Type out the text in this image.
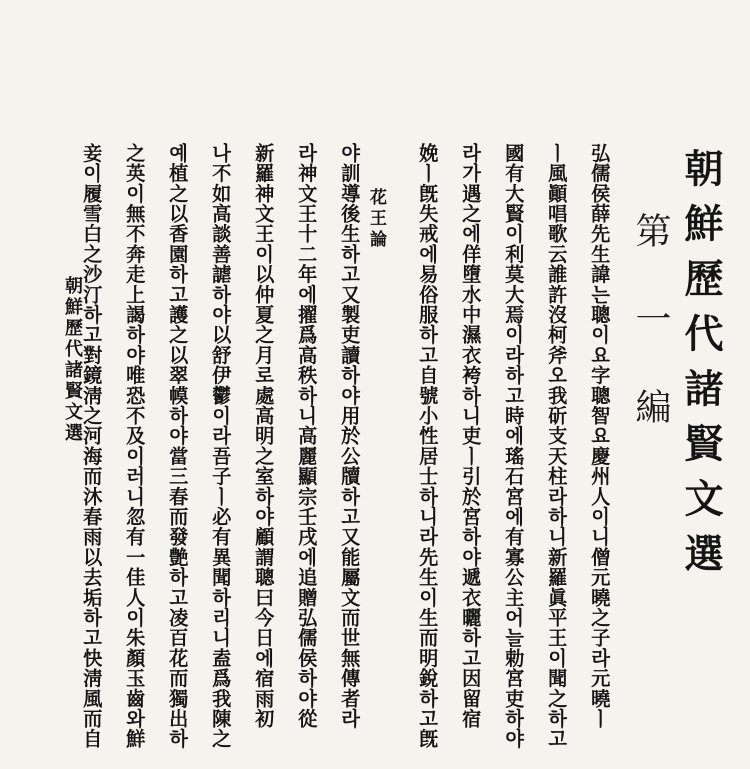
朝鮮歷代諸賢文選
第一編
弘儒侯薛先生諱는聰이요字聰智요慶州人이니僧元曉之子라元曉ㅣ
ㅣ風顚唱歌云誰許沒柯斧오我斫支天柱라하니新羅眞平王이聞之하고
國有大賢이利莫大焉이라하고時에瑤石宮에有寡公主어늘勅宮吏하야
라가遇之에佯墮水中濕衣袴하니吏ㅣ引於宮하야遞衣曬하고因留宿
娩ㅣ旣失戒에易俗服하고自號小性居士하니라先生이生而明銳하고旣
花王論
야訓導後生하고又製吏讀하야用於公牘하고又能屬文而世無傳者라
라神文王十二年에擢爲高秩하니高麗顯宗壬戌에追贈弘儒侯하야從
新羅神文王이以仲夏之月로處高明之室하야顧謂聰曰今日에宿雨初
나不如高談善謔하야以舒伊鬱이라吾子ㅣ必有異聞하리니盍爲我陳之
예植之以香園하고護之以翠幙하야當三春而發艶하고凌百花而獨出하
之英이無不奔走上謁하야唯恐不及이러니忽有一佳人이朱顏玉齒와鮮
妾이履雪白之沙汀하고對鏡淸之河海而沐春雨以去垢하고快淸風而自
朝鮮歷代諸賢文選
